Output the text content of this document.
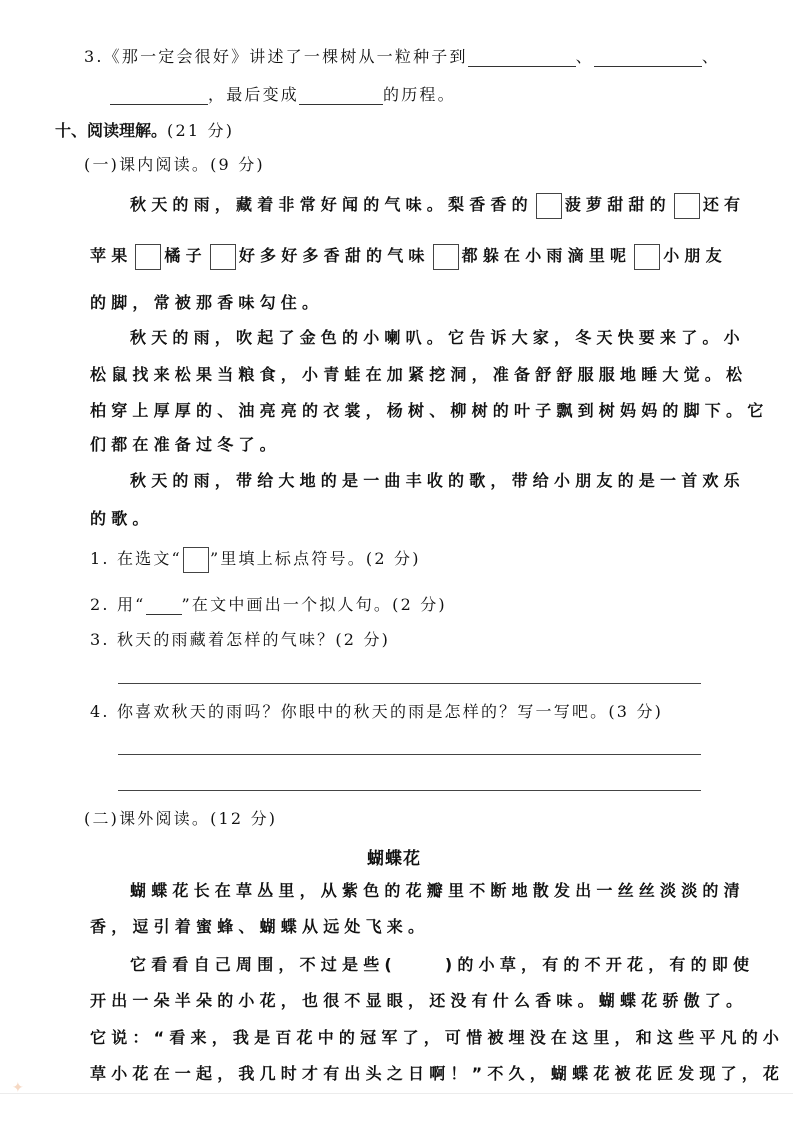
3.《那一定会很好》讲述了一棵树从一粒种子到	、	、
，最后变成	的历程。
十、阅读理解。(21 分)
(一)课内阅读。(9 分)
秋天的雨，藏着非常好闻的气味。梨香香的 菠萝甜甜的 还有
苹果 橘子 好多好多香甜的气味 都躲在小雨滴里呢 小朋友
的脚，常被那香味勾住。
秋天的雨，吹起了金色的小喇叭。它告诉大家，冬天快要来了。小
松鼠找来松果当粮食，小青蛙在加紧挖洞，准备舒舒服服地睡大觉。松
柏穿上厚厚的、油亮亮的衣裳，杨树、柳树的叶子飘到树妈妈的脚下。它
们都在准备过冬了。
秋天的雨，带给大地的是一曲丰收的歌，带给小朋友的是一首欢乐
的歌。
1. 在选文“ ”里填上标点符号。(2 分)
2. 用“ ”在文中画出一个拟人句。(2 分)
3. 秋天的雨藏着怎样的气味？(2 分)
4. 你喜欢秋天的雨吗？你眼中的秋天的雨是怎样的？写一写吧。(3 分)
(二)课外阅读。(12 分)
蝴蝶花
蝴蝶花长在草丛里，从紫色的花瓣里不断地散发出一丝丝淡淡的清
香，逗引着蜜蜂、蝴蝶从远处飞来。
它看看自己周围，不过是些(	)的小草，有的不开花，有的即使
开出一朵半朵的小花，也很不显眼，还没有什么香味。蝴蝶花骄傲了。
它说：“看来，我是百花中的冠军了，可惜被埋没在这里，和这些平凡的小
草小花在一起，我几时才有出头之日啊！”不久，蝴蝶花被花匠发现了，花
✦
